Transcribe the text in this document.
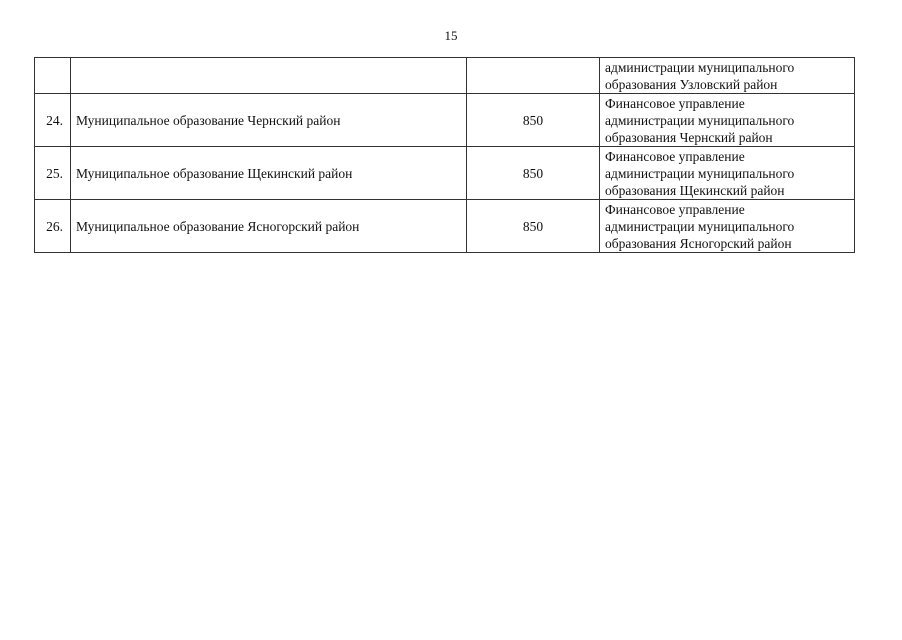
15

			администрации муниципального
образования Узловский район

24.	Муниципальное образование Чернский район	850	Финансовое управление
администрации муниципального
образования Чернский район

25.	Муниципальное образование Щекинский район	850	Финансовое управление
администрации муниципального
образования Щекинский район

26.	Муниципальное образование Ясногорский район	850	Финансовое управление
администрации муниципального
образования Ясногорский район
